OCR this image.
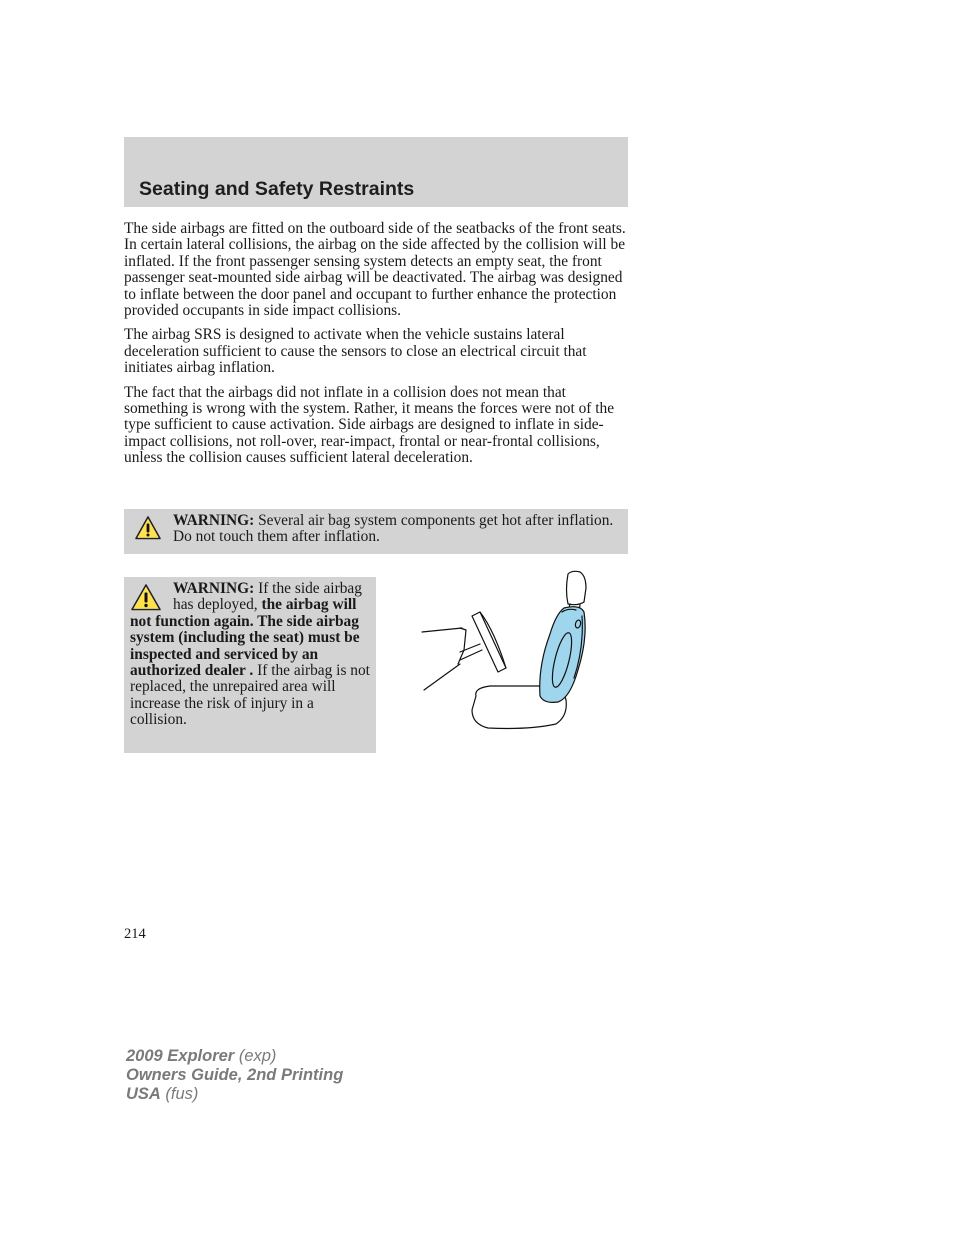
Seating and Safety Restraints

The side airbags are fitted on the outboard side of the seatbacks of the front seats. In certain lateral collisions, the airbag on the side affected by the collision will be inflated. If the front passenger sensing system detects an empty seat, the front passenger seat-mounted side airbag will be deactivated. The airbag was designed to inflate between the door panel and occupant to further enhance the protection provided occupants in side impact collisions.

The airbag SRS is designed to activate when the vehicle sustains lateral deceleration sufficient to cause the sensors to close an electrical circuit that initiates airbag inflation.

The fact that the airbags did not inflate in a collision does not mean that something is wrong with the system. Rather, it means the forces were not of the type sufficient to cause activation. Side airbags are designed to inflate in side-impact collisions, not roll-over, rear-impact, frontal or near-frontal collisions, unless the collision causes sufficient lateral deceleration.

WARNING: Several air bag system components get hot after inflation. Do not touch them after inflation.
WARNING: If the side airbag has deployed, the airbag will not function again. The side airbag system (including the seat) must be inspected and serviced by an authorized dealer . If the airbag is not replaced, the unrepaired area will increase the risk of injury in a collision.
214
2009 Explorer (exp)
Owners Guide, 2nd Printing
USA (fus)
